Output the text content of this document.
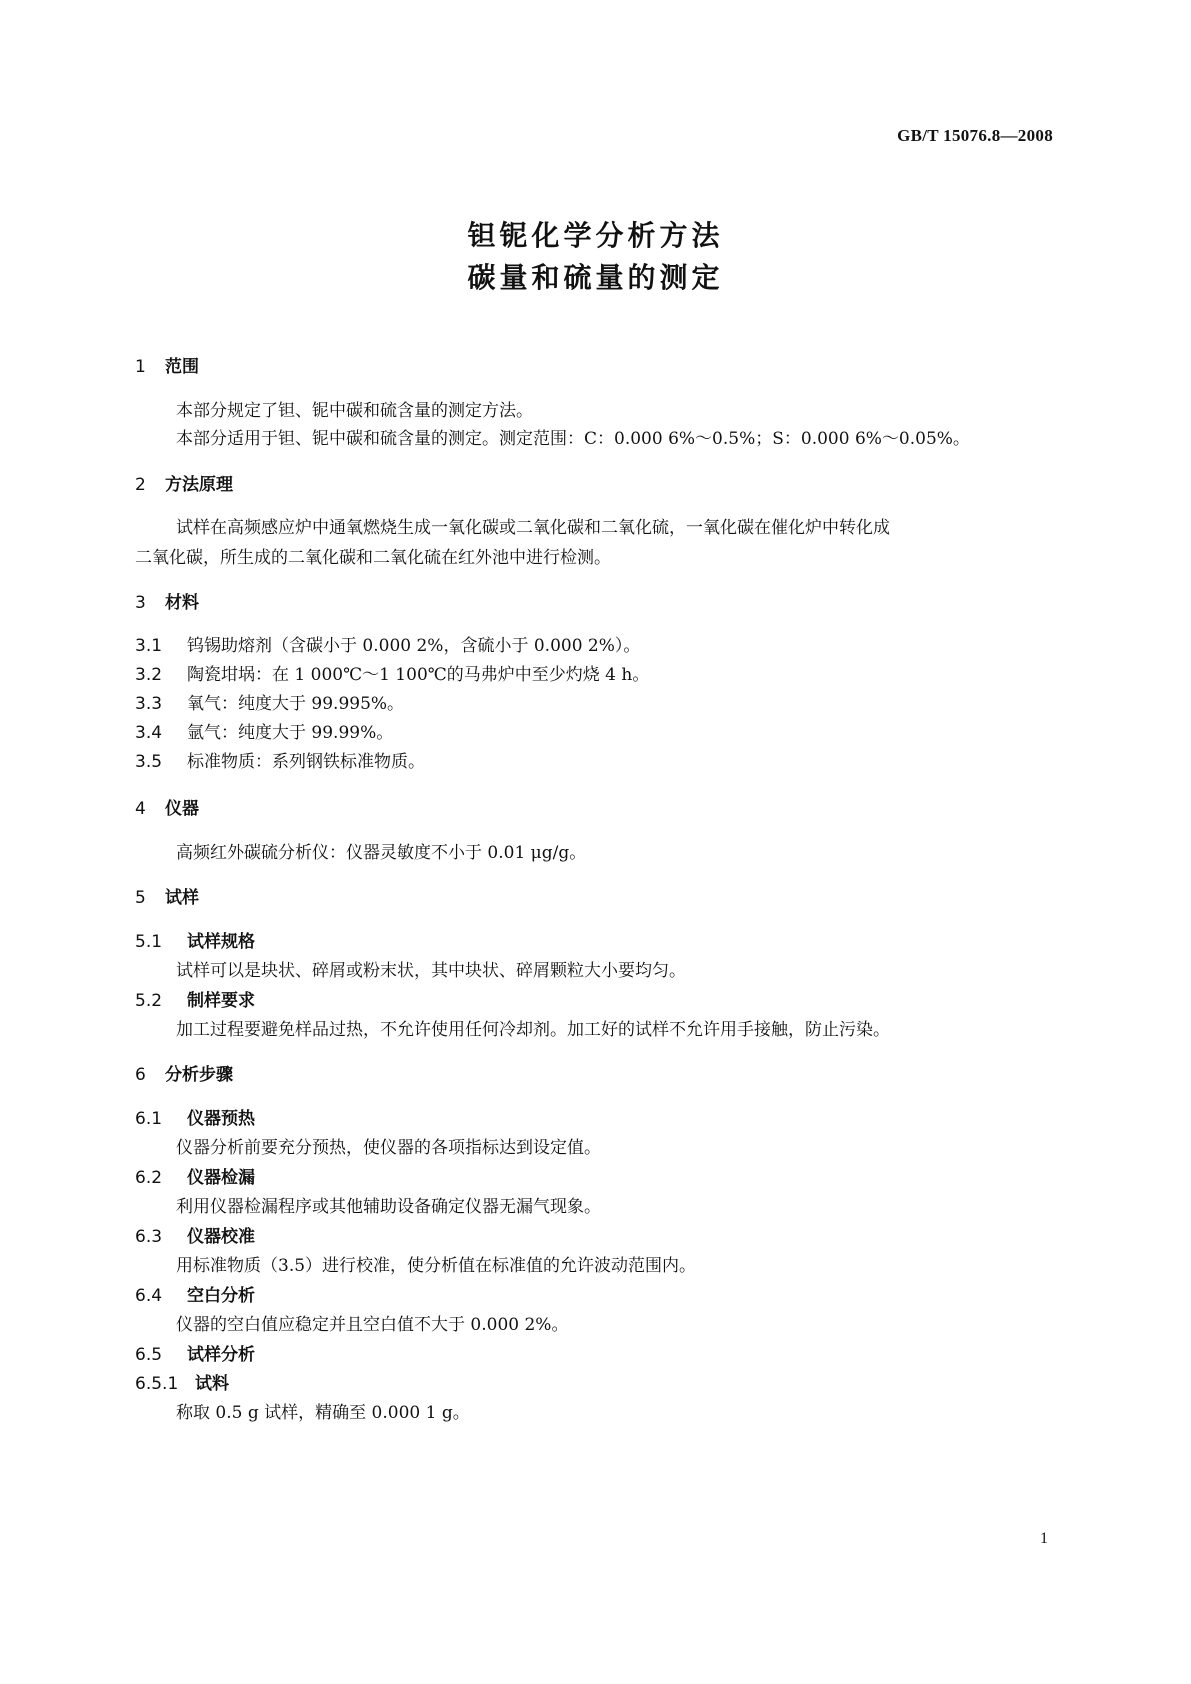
GB/T 15076.8—2008
钽铌化学分析方法
碳量和硫量的测定
1 范围
本部分规定了钽、铌中碳和硫含量的测定方法。
本部分适用于钽、铌中碳和硫含量的测定。测定范围：C：0.000 6%～0.5%；S：0.000 6%～0.05%。
2 方法原理
试样在高频感应炉中通氧燃烧生成一氧化碳或二氧化碳和二氧化硫，一氧化碳在催化炉中转化成
二氧化碳，所生成的二氧化碳和二氧化硫在红外池中进行检测。
3 材料
3.1 钨锡助熔剂（含碳小于 0.000 2%，含硫小于 0.000 2%）。
3.2 陶瓷坩埚：在 1 000℃～1 100℃的马弗炉中至少灼烧 4 h。
3.3 氧气：纯度大于 99.995%。
3.4 氩气：纯度大于 99.99%。
3.5 标准物质：系列钢铁标准物质。
4 仪器
高频红外碳硫分析仪：仪器灵敏度不小于 0.01 μg/g。
5 试样
5.1 试样规格
试样可以是块状、碎屑或粉末状，其中块状、碎屑颗粒大小要均匀。
5.2 制样要求
加工过程要避免样品过热，不允许使用任何冷却剂。加工好的试样不允许用手接触，防止污染。
6 分析步骤
6.1 仪器预热
仪器分析前要充分预热，使仪器的各项指标达到设定值。
6.2 仪器检漏
利用仪器检漏程序或其他辅助设备确定仪器无漏气现象。
6.3 仪器校准
用标准物质（3.5）进行校准，使分析值在标准值的允许波动范围内。
6.4 空白分析
仪器的空白值应稳定并且空白值不大于 0.000 2%。
6.5 试样分析
6.5.1 试料
称取 0.5 g 试样，精确至 0.000 1 g。
1
